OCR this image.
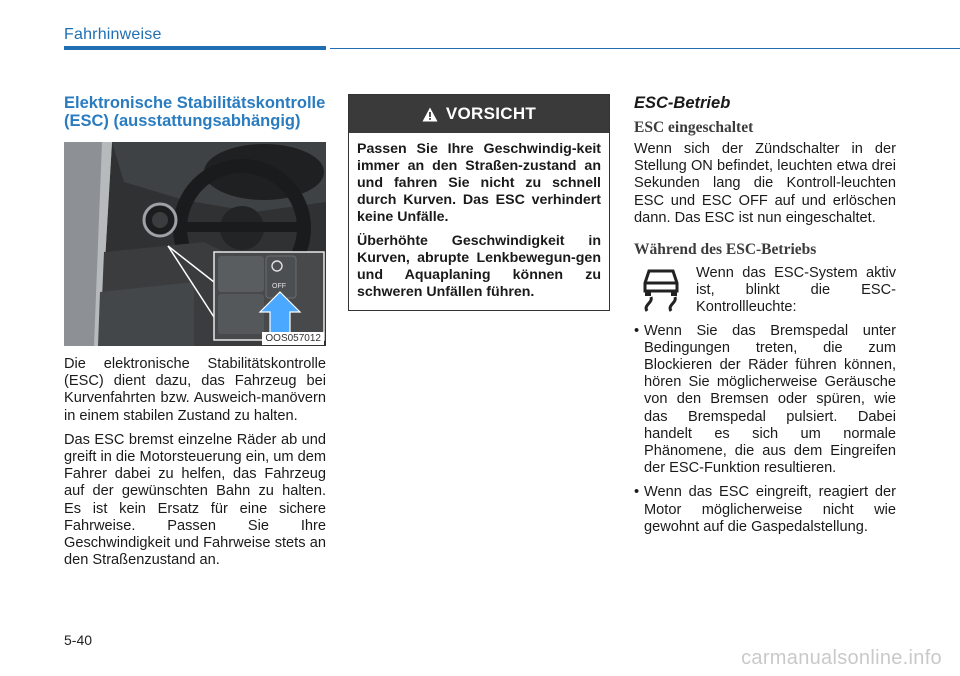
Fahrhinweise
Elektronische Stabilitätskontrolle (ESC) (ausstattungsabhängig)
OFF
OOS057012

Die elektronische Stabilitätskontrolle (ESC) dient dazu, das Fahrzeug bei Kurvenfahrten bzw. Ausweich-manövern in einem stabilen Zustand zu halten.

Das ESC bremst einzelne Räder ab und greift in die Motorsteuerung ein, um dem Fahrer dabei zu helfen, das Fahrzeug auf der gewünschten Bahn zu halten. Es ist kein Ersatz für eine sichere Fahrweise. Passen Sie Ihre Geschwindigkeit und Fahrweise stets an den Straßenzustand an.

VORSICHT

Passen Sie Ihre Geschwindig-keit immer an den Straßen-zustand an und fahren Sie nicht zu schnell durch Kurven. Das ESC verhindert keine Unfälle.

Überhöhte Geschwindigkeit in Kurven, abrupte Lenkbewegun-gen und Aquaplaning können zu schweren Unfällen führen.

ESC-Betrieb
ESC eingeschaltet

Wenn sich der Zündschalter in der Stellung ON befindet, leuchten etwa drei Sekunden lang die Kontroll-leuchten ESC und ESC OFF auf und erlöschen dann. Das ESC ist nun eingeschaltet.

Während des ESC-Betriebs

Wenn das ESC-System aktiv ist, blinkt die ESC-Kontrollleuchte:

• Wenn Sie das Bremspedal unter Bedingungen treten, die zum Blockieren der Räder führen können, hören Sie möglicherweise Geräusche von den Bremsen oder spüren, wie das Bremspedal pulsiert. Dabei handelt es sich um normale Phänomene, die aus dem Eingreifen der ESC-Funktion resultieren.
• Wenn das ESC eingreift, reagiert der Motor möglicherweise nicht wie gewohnt auf die Gaspedalstellung.
5-40
carmanualsonline.info
